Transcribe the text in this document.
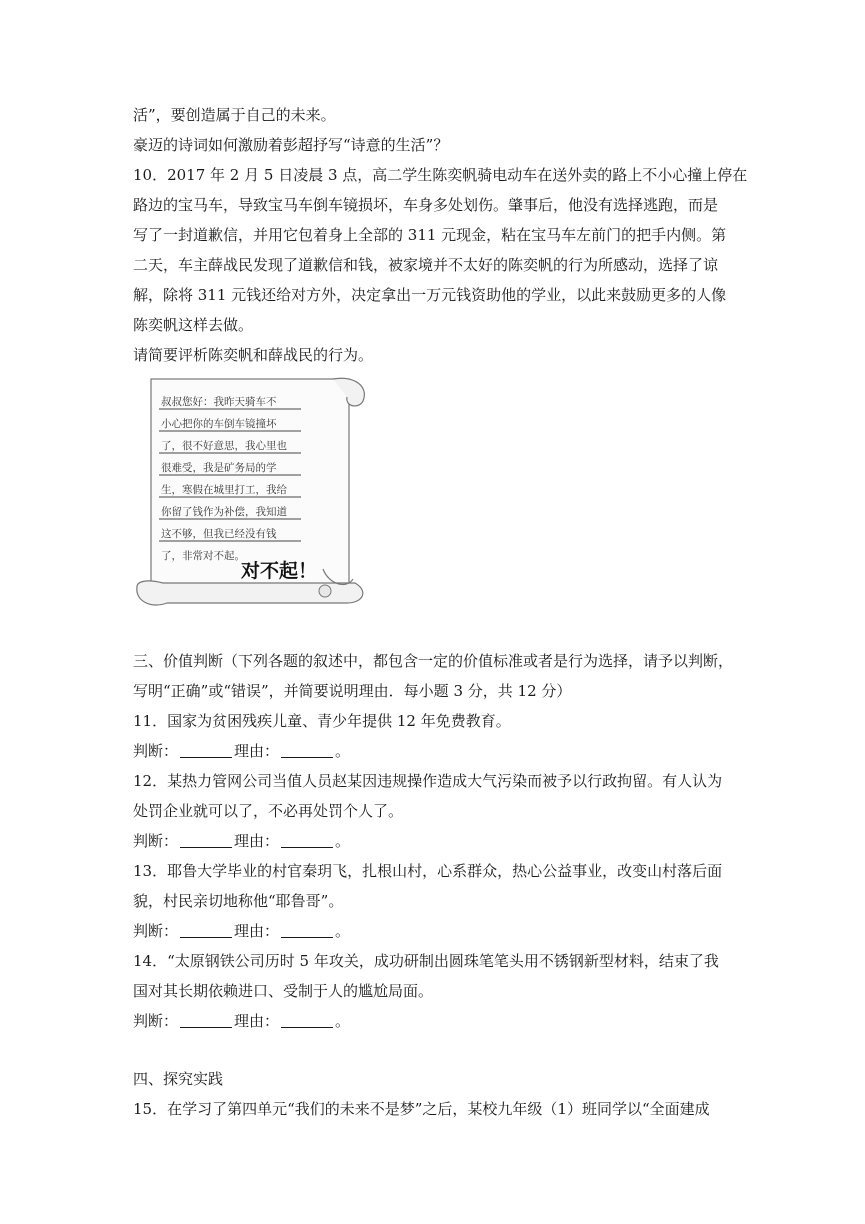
活”，要创造属于自己的未来。
豪迈的诗词如何激励着彭超抒写“诗意的生活”？

10．2017 年 2 月 5 日凌晨 3 点，高二学生陈奕帆骑电动车在送外卖的路上不小心撞上停在
路边的宝马车，导致宝马车倒车镜损坏，车身多处划伤。肇事后，他没有选择逃跑，而是
写了一封道歉信，并用它包着身上全部的 311 元现金，粘在宝马车左前门的把手内侧。第
二天，车主薛战民发现了道歉信和钱，被家境并不太好的陈奕帆的行为所感动，选择了谅
解，除将 311 元钱还给对方外，决定拿出一万元钱资助他的学业，以此来鼓励更多的人像
陈奕帆这样去做。
请简要评析陈奕帆和薛战民的行为。

叔叔您好：我昨天骑车不
小心把你的车倒车镜撞坏
了，很不好意思，我心里也
很难受，我是矿务局的学
生，寒假在城里打工，我给
你留了钱作为补偿，我知道
这不够，但我已经没有钱
了，非常对不起。
对不起！

三、价值判断（下列各题的叙述中，都包含一定的价值标准或者是行为选择，请予以判断，
写明“正确”或“错误”，并简要说明理由．每小题 3 分，共 12 分）

11．国家为贫困残疾儿童、青少年提供 12 年免费教育。
判断：	理由：	。

12．某热力管网公司当值人员赵某因违规操作造成大气污染而被予以行政拘留。有人认为
处罚企业就可以了，不必再处罚个人了。
判断：	理由：	。

13．耶鲁大学毕业的村官秦玥飞，扎根山村，心系群众，热心公益事业，改变山村落后面
貌，村民亲切地称他“耶鲁哥”。
判断：	理由：	。

14．“太原钢铁公司历时 5 年攻关，成功研制出圆珠笔笔头用不锈钢新型材料，结束了我
国对其长期依赖进口、受制于人的尴尬局面。
判断：	理由：	。

四、探究实践
15．在学习了第四单元“我们的未来不是梦”之后，某校九年级（1）班同学以“全面建成
